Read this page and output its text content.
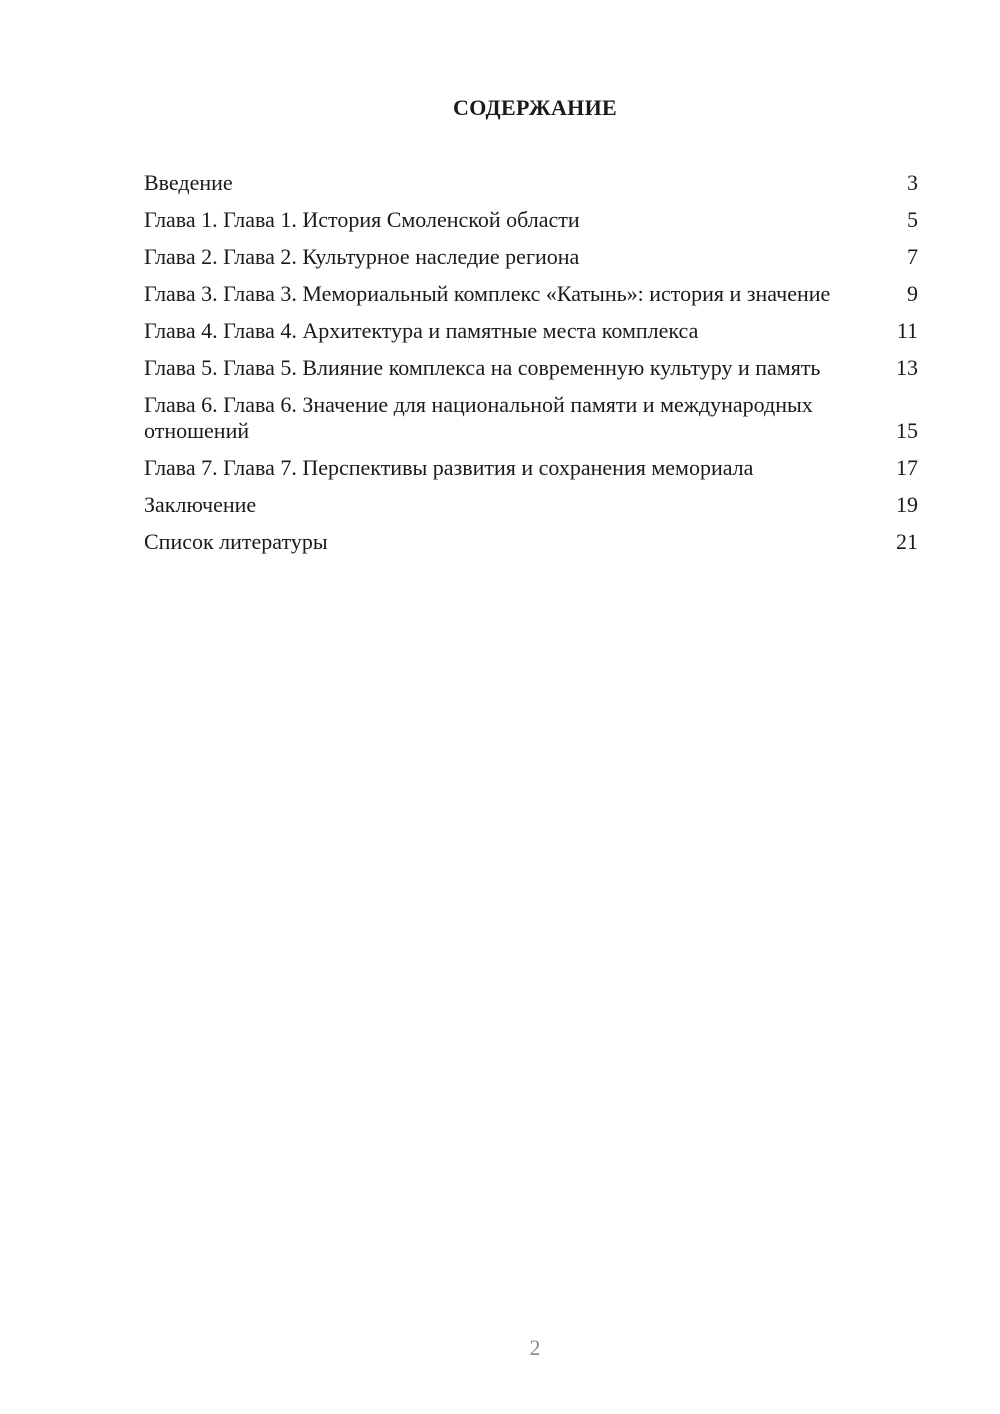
СОДЕРЖАНИЕ
Введение	3
Глава 1. Глава 1. История Смоленской области	5
Глава 2. Глава 2. Культурное наследие региона	7
Глава 3. Глава 3. Мемориальный комплекс «Катынь»: история и значение	9
Глава 4. Глава 4. Архитектура и памятные места комплекса	11
Глава 5. Глава 5. Влияние комплекса на современную культуру и память	13
Глава 6. Глава 6. Значение для национальной памяти и международных отношений	15
Глава 7. Глава 7. Перспективы развития и сохранения мемориала	17
Заключение	19
Список литературы	21
2
